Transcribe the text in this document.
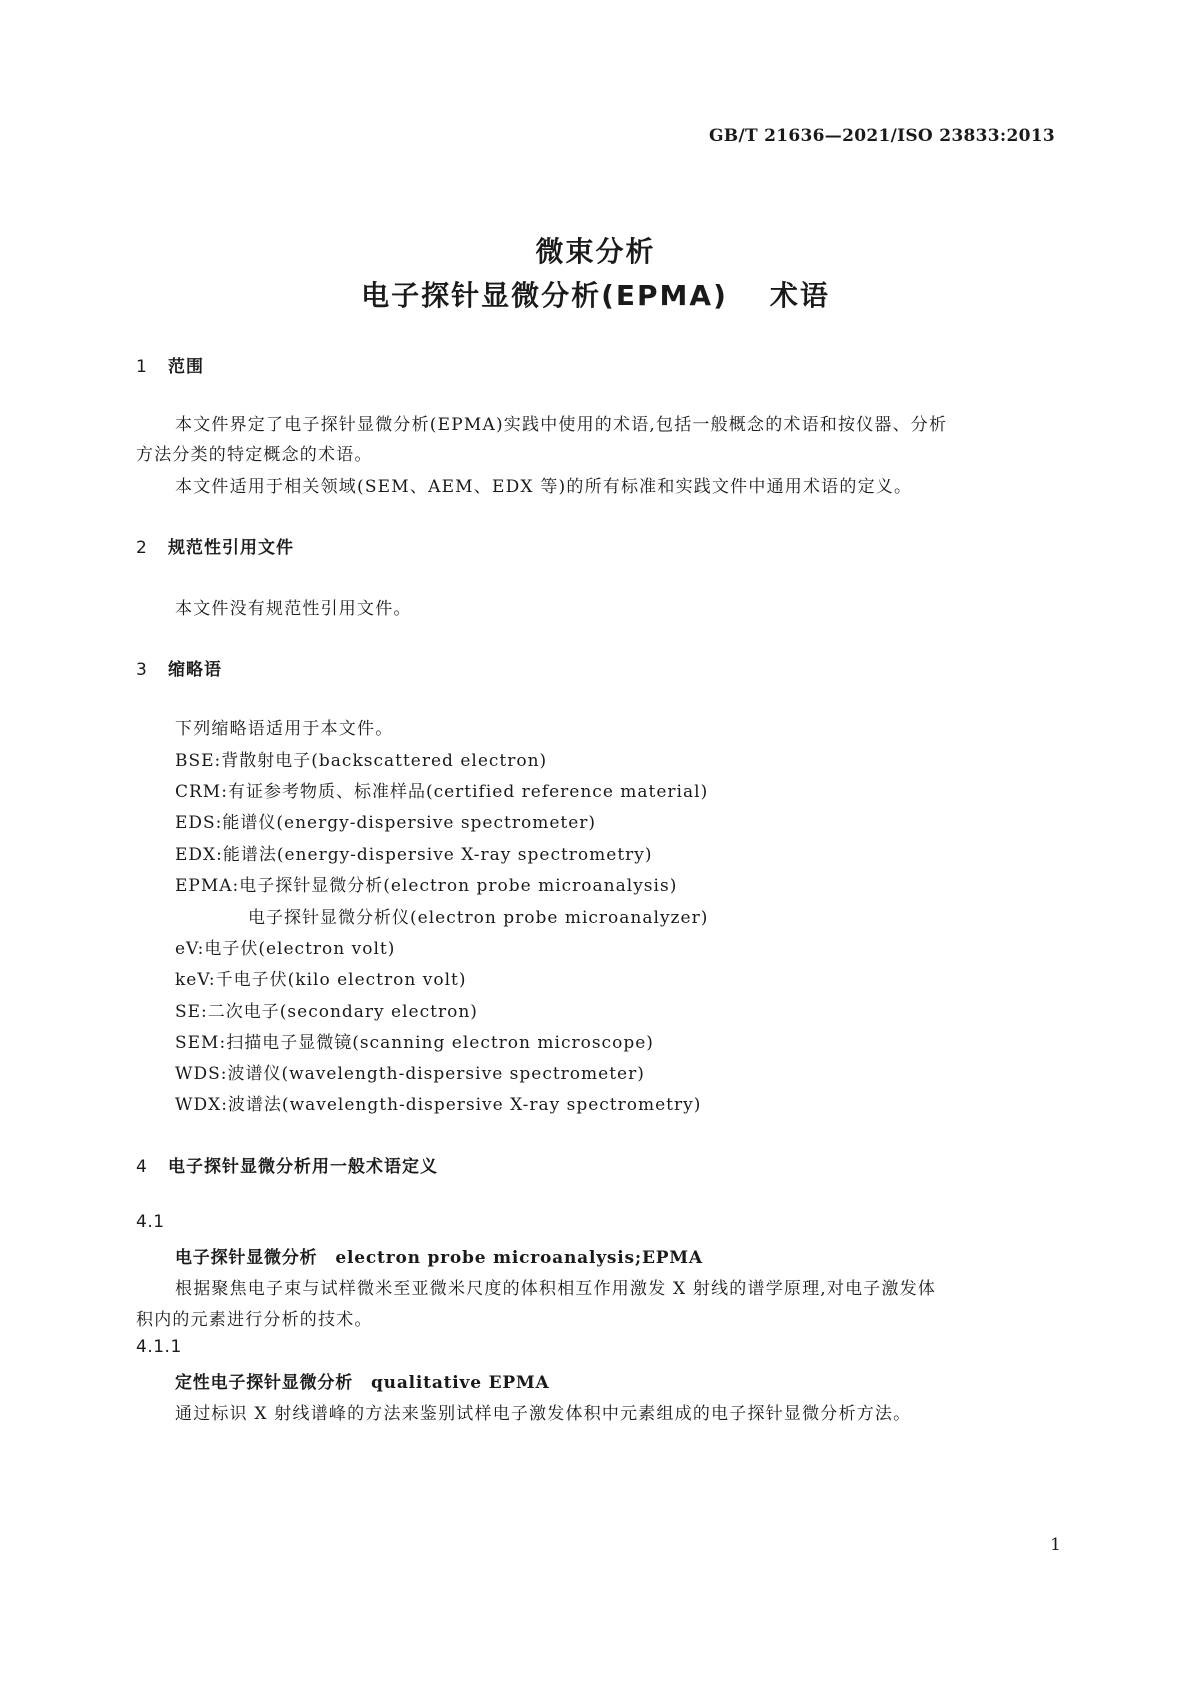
GB/T 21636—2021/ISO 23833:2013
微束分析
电子探针显微分析(EPMA) 术语
1 范围
本文件界定了电子探针显微分析(EPMA)实践中使用的术语,包括一般概念的术语和按仪器、分析
方法分类的特定概念的术语。
本文件适用于相关领域(SEM、AEM、EDX 等)的所有标准和实践文件中通用术语的定义。
2 规范性引用文件
本文件没有规范性引用文件。
3 缩略语
下列缩略语适用于本文件。
BSE:背散射电子(backscattered electron)
CRM:有证参考物质、标准样品(certified reference material)
EDS:能谱仪(energy-dispersive spectrometer)
EDX:能谱法(energy-dispersive X-ray spectrometry)
EPMA:电子探针显微分析(electron probe microanalysis)
电子探针显微分析仪(electron probe microanalyzer)
eV:电子伏(electron volt)
keV:千电子伏(kilo electron volt)
SE:二次电子(secondary electron)
SEM:扫描电子显微镜(scanning electron microscope)
WDS:波谱仪(wavelength-dispersive spectrometer)
WDX:波谱法(wavelength-dispersive X-ray spectrometry)
4 电子探针显微分析用一般术语定义
4.1
电子探针显微分析 electron probe microanalysis;EPMA
根据聚焦电子束与试样微米至亚微米尺度的体积相互作用激发 X 射线的谱学原理,对电子激发体
积内的元素进行分析的技术。
4.1.1
定性电子探针显微分析 qualitative EPMA
通过标识 X 射线谱峰的方法来鉴别试样电子激发体积中元素组成的电子探针显微分析方法。
1
